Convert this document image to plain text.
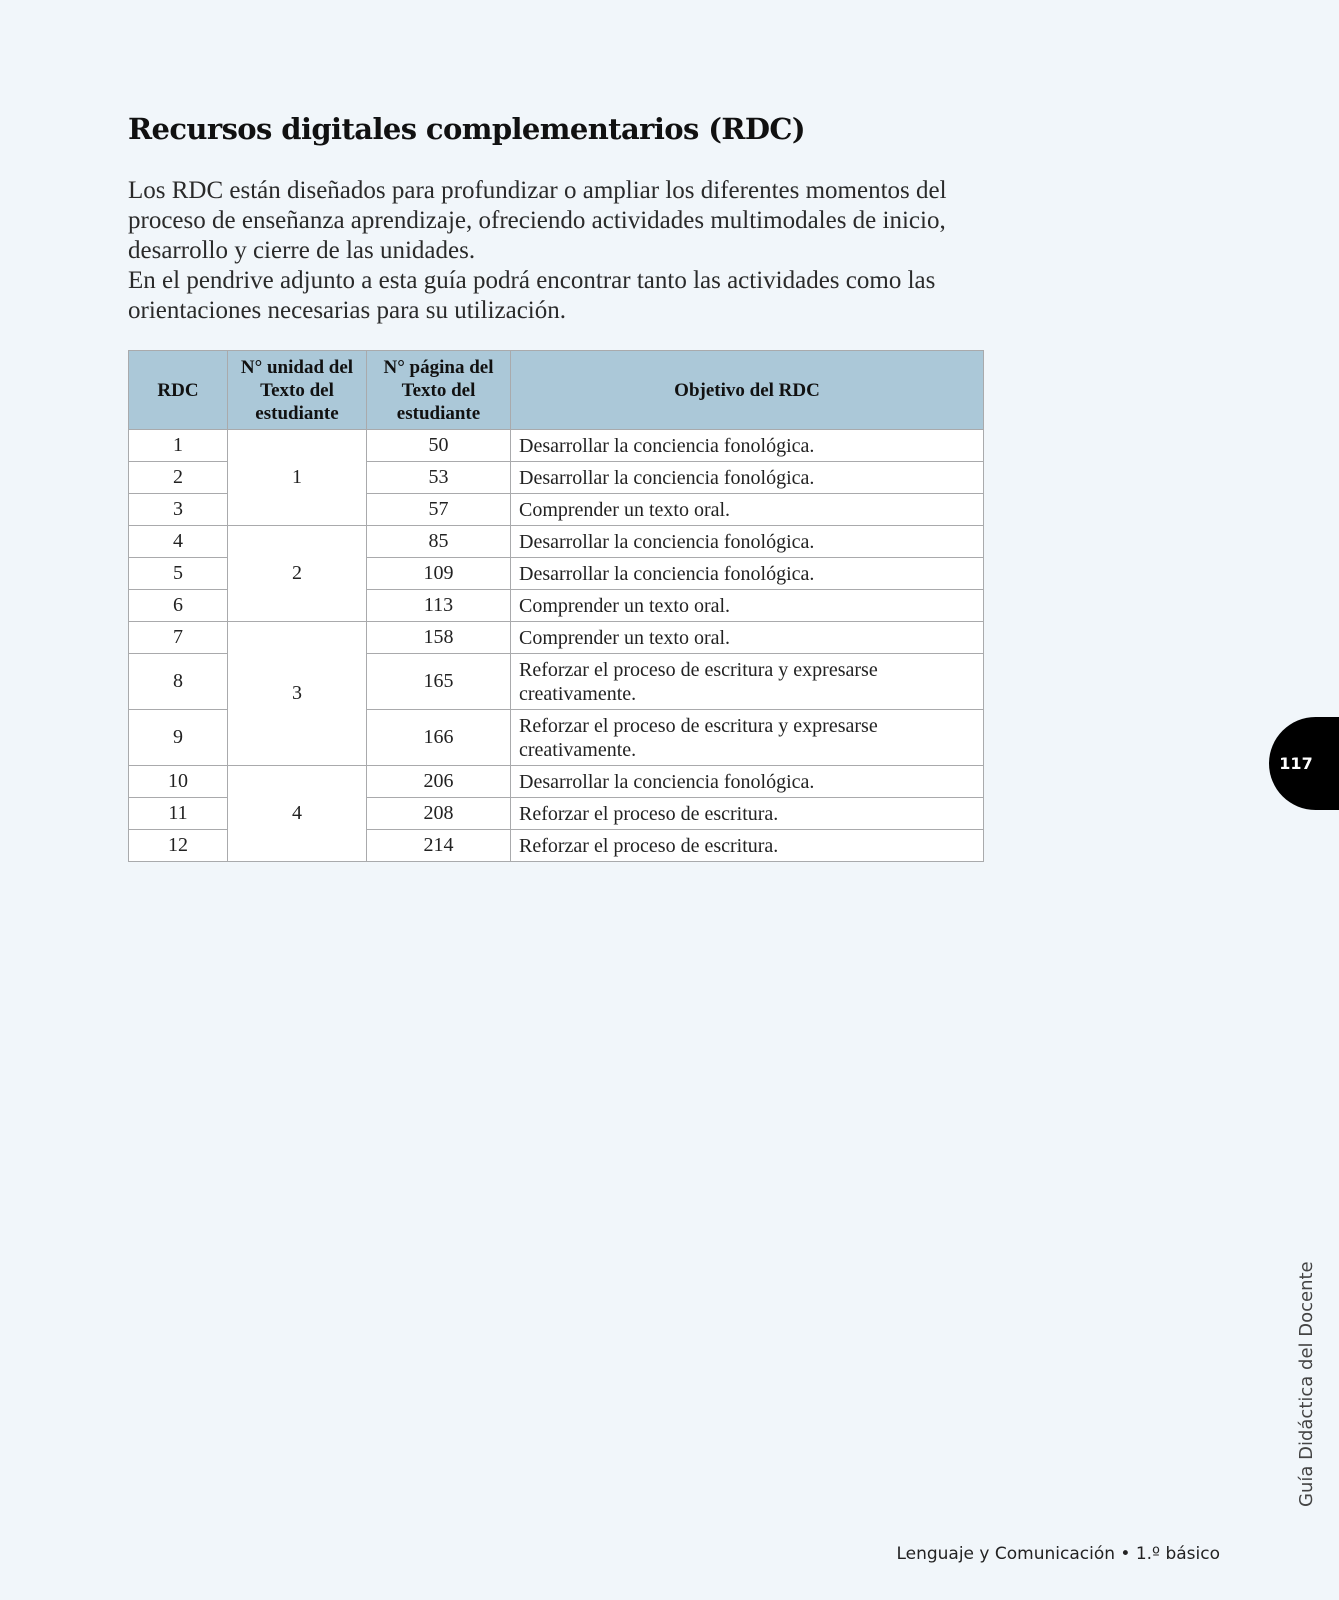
Recursos digitales complementarios (RDC)

Los RDC están diseñados para profundizar o ampliar los diferentes momentos del proceso de enseñanza aprendizaje, ofreciendo actividades multimodales de inicio, desarrollo y cierre de las unidades.

En el pendrive adjunto a esta guía podrá encontrar tanto las actividades como las orientaciones necesarias para su utilización.

RDC	N° unidad del Texto del estudiante	N° página del Texto del estudiante	Objetivo del RDC
1	1	50	Desarrollar la conciencia fonológica.
2		53	Desarrollar la conciencia fonológica.
3		57	Comprender un texto oral.
4	2	85	Desarrollar la conciencia fonológica.
5		109	Desarrollar la conciencia fonológica.
6		113	Comprender un texto oral.
7	3	158	Comprender un texto oral.
8		165	Reforzar el proceso de escritura y expresarse creativamente.
9		166	Reforzar el proceso de escritura y expresarse creativamente.
10	4	206	Desarrollar la conciencia fonológica.
11		208	Reforzar el proceso de escritura.
12		214	Reforzar el proceso de escritura.
117
Guía Didáctica del Docente
Lenguaje y Comunicación • 1.º básico
